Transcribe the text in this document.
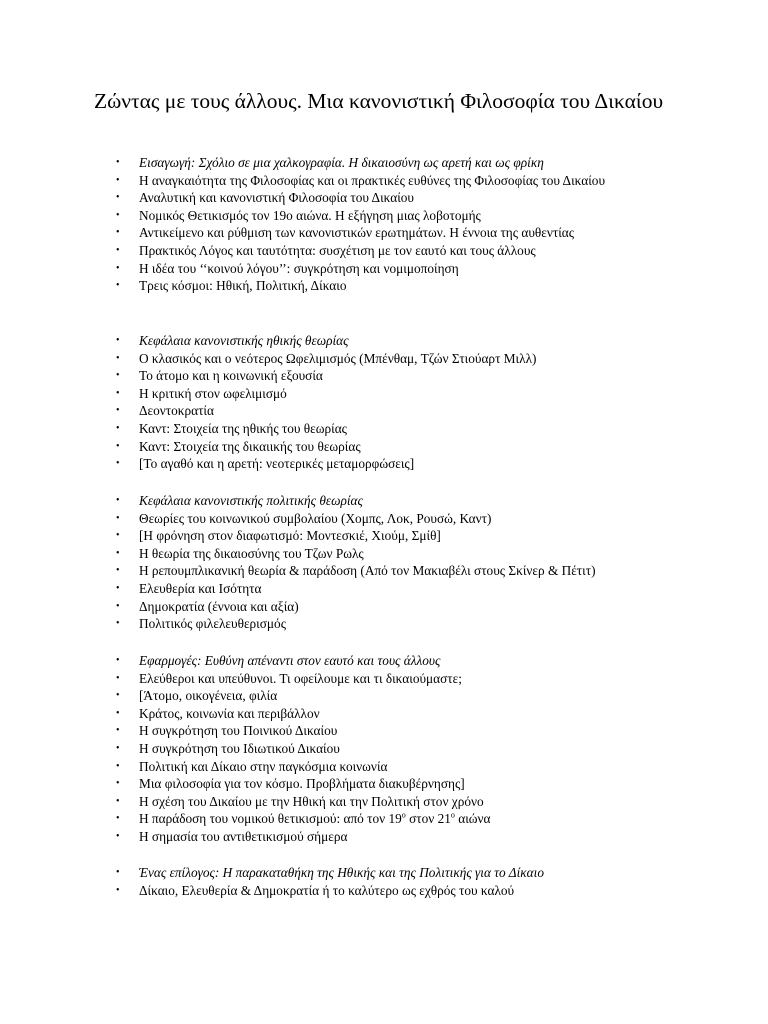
Ζώντας με τους άλλους. Μια κανονιστική Φιλοσοφία του Δικαίου
•	Εισαγωγή: Σχόλιο σε μια χαλκογραφία. Η δικαιοσύνη ως αρετή και ως φρίκη
•	Η αναγκαιότητα της Φιλοσοφίας και οι πρακτικές ευθύνες της Φιλοσοφίας του Δικαίου
•	Αναλυτική και κανονιστική Φιλοσοφία του Δικαίου
•	Νομικός Θετικισμός τον 19ο αιώνα. Η εξήγηση μιας λοβοτομής
•	Αντικείμενο και ρύθμιση των κανονιστικών ερωτημάτων. Η έννοια της αυθεντίας
•	Πρακτικός Λόγος και ταυτότητα: συσχέτιση με τον εαυτό και τους άλλους
•	Η ιδέα του ‘‘κοινού λόγου’’: συγκρότηση και νομιμοποίηση
•	Τρεις κόσμοι: Ηθική, Πολιτική, Δίκαιο
•	Κεφάλαια κανονιστικής ηθικής θεωρίας
•	Ο κλασικός και ο νεότερος Ωφελιμισμός (Μπένθαμ, Τζών Στιούαρτ Μιλλ)
•	Το άτομο και η κοινωνική εξουσία
•	Η κριτική στον ωφελιμισμό
•	Δεοντοκρατία
•	Καντ: Στοιχεία της ηθικής του θεωρίας
•	Καντ: Στοιχεία της δικαιικής του θεωρίας
•	[Το αγαθό και η αρετή: νεοτερικές μεταμορφώσεις]
•	Κεφάλαια κανονιστικής πολιτικής θεωρίας
•	Θεωρίες του κοινωνικού συμβολαίου (Χομπς, Λοκ, Ρουσώ, Καντ)
•	[Η φρόνηση στον διαφωτισμό: Μοντεσκιέ, Χιούμ, Σμίθ]
•	Η θεωρία της δικαιοσύνης του Τζων Ρωλς
•	Η ρεπουμπλικανική θεωρία & παράδοση (Από τον Μακιαβέλι στους Σκίνερ & Πέτιτ)
•	Ελευθερία και Ισότητα
•	Δημοκρατία (έννοια και αξία)
•	Πολιτικός φιλελευθερισμός
•	Εφαρμογές: Ευθύνη απέναντι στον εαυτό και τους άλλους
•	Ελεύθεροι και υπεύθυνοι. Τι οφείλουμε και τι δικαιούμαστε;
•	[Άτομο, οικογένεια, φιλία
•	Κράτος, κοινωνία και περιβάλλον
•	Η συγκρότηση του Ποινικού Δικαίου
•	Η συγκρότηση του Ιδιωτικού Δικαίου
•	Πολιτική και Δίκαιο στην παγκόσμια κοινωνία
•	Μια φιλοσοφία για τον κόσμο. Προβλήματα διακυβέρνησης]
•	Η σχέση του Δικαίου με την Ηθική και την Πολιτική στον χρόνο
•	Η παράδοση του νομικού θετικισμού: από τον $19^o$ στον $21^o$ αιώνα
•	Η σημασία του αντιθετικισμού σήμερα
•	Ένας επίλογος: Η παρακαταθήκη της Ηθικής και της Πολιτικής για το Δίκαιο
•	Δίκαιο, Ελευθερία & Δημοκρατία ή το καλύτερο ως εχθρός του καλού
